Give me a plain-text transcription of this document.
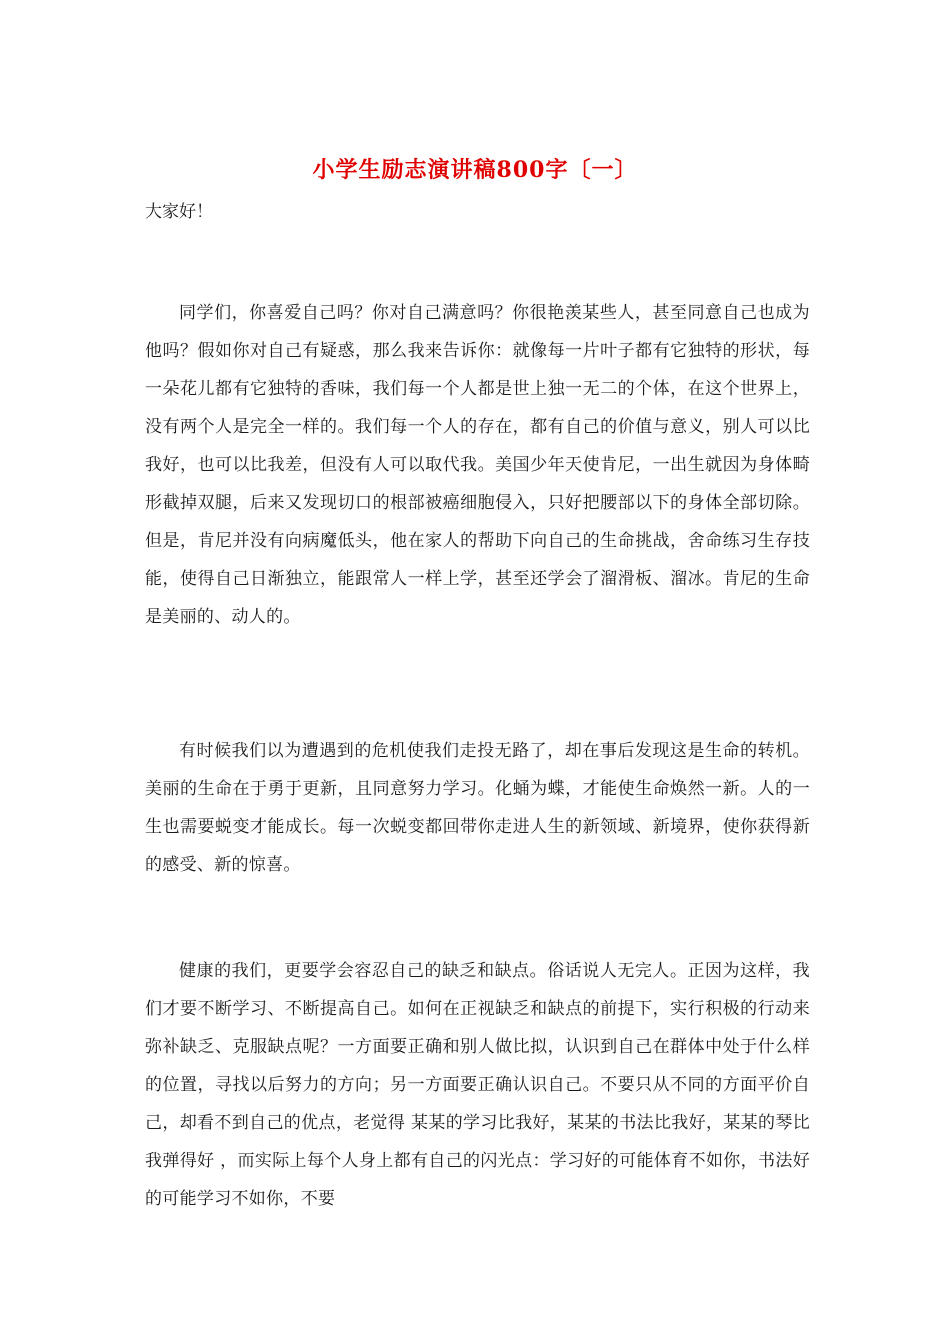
小学生励志演讲稿800字〔一〕
大家好！

同学们，你喜爱自己吗？你对自己满意吗？你很艳羡某些人，甚至同意自己也成为他吗？假如你对自己有疑惑，那么我来告诉你：就像每一片叶子都有它独特的形状，每一朵花儿都有它独特的香味，我们每一个人都是世上独一无二的个体，在这个世界上，没有两个人是完全一样的。我们每一个人的存在，都有自己的价值与意义，别人可以比我好，也可以比我差，但没有人可以取代我。美国少年天使肯尼，一出生就因为身体畸形截掉双腿，后来又发现切口的根部被癌细胞侵入，只好把腰部以下的身体全部切除。但是，肯尼并没有向病魔低头，他在家人的帮助下向自己的生命挑战，舍命练习生存技能，使得自己日渐独立，能跟常人一样上学，甚至还学会了溜滑板、溜冰。肯尼的生命是美丽的、动人的。

有时候我们以为遭遇到的危机使我们走投无路了，却在事后发现这是生命的转机。美丽的生命在于勇于更新，且同意努力学习。化蛹为蝶，才能使生命焕然一新。人的一生也需要蜕变才能成长。每一次蜕变都回带你走进人生的新领域、新境界，使你获得新的感受、新的惊喜。

健康的我们，更要学会容忍自己的缺乏和缺点。俗话说人无完人。正因为这样，我们才要不断学习、不断提高自己。如何在正视缺乏和缺点的前提下，实行积极的行动来弥补缺乏、克服缺点呢？一方面要正确和别人做比拟，认识到自己在群体中处于什么样的位置，寻找以后努力的方向；另一方面要正确认识自己。不要只从不同的方面平价自己，却看不到自己的优点，老觉得 某某的学习比我好，某某的书法比我好，某某的琴比我弹得好 ，而实际上每个人身上都有自己的闪光点：学习好的可能体育不如你，书法好的可能学习不如你，不要
